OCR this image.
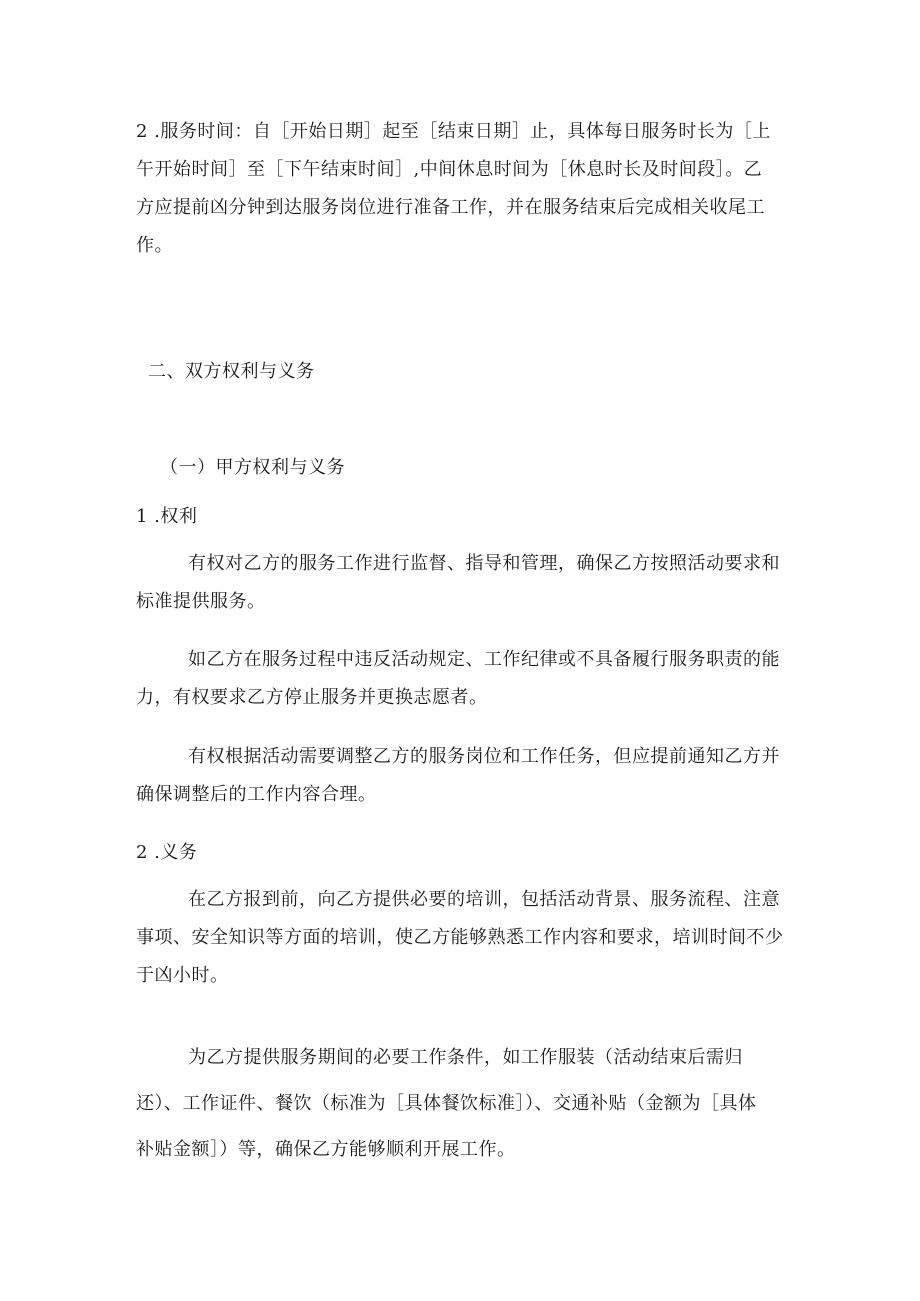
2 .服务时间：自［开始日期］起至［结束日期］止，具体每日服务时长为［上
午开始时间］至［下午结束时间］,中间休息时间为［休息时长及时间段］。乙
方应提前凶分钟到达服务岗位进行准备工作，并在服务结束后完成相关收尾工
作。
二、双方权利与义务
（一）甲方权利与义务
1 .权利
有权对乙方的服务工作进行监督、指导和管理，确保乙方按照活动要求和
标准提供服务。
如乙方在服务过程中违反活动规定、工作纪律或不具备履行服务职责的能
力，有权要求乙方停止服务并更换志愿者。
有权根据活动需要调整乙方的服务岗位和工作任务，但应提前通知乙方并
确保调整后的工作内容合理。
2 .义务
在乙方报到前，向乙方提供必要的培训，包括活动背景、服务流程、注意
事项、安全知识等方面的培训，使乙方能够熟悉工作内容和要求，培训时间不少
于凶小时。
为乙方提供服务期间的必要工作条件，如工作服装（活动结束后需归
还）、工作证件、餐饮（标准为［具体餐饮标准］）、交通补贴（金额为［具体
补贴金额］）等，确保乙方能够顺利开展工作。
